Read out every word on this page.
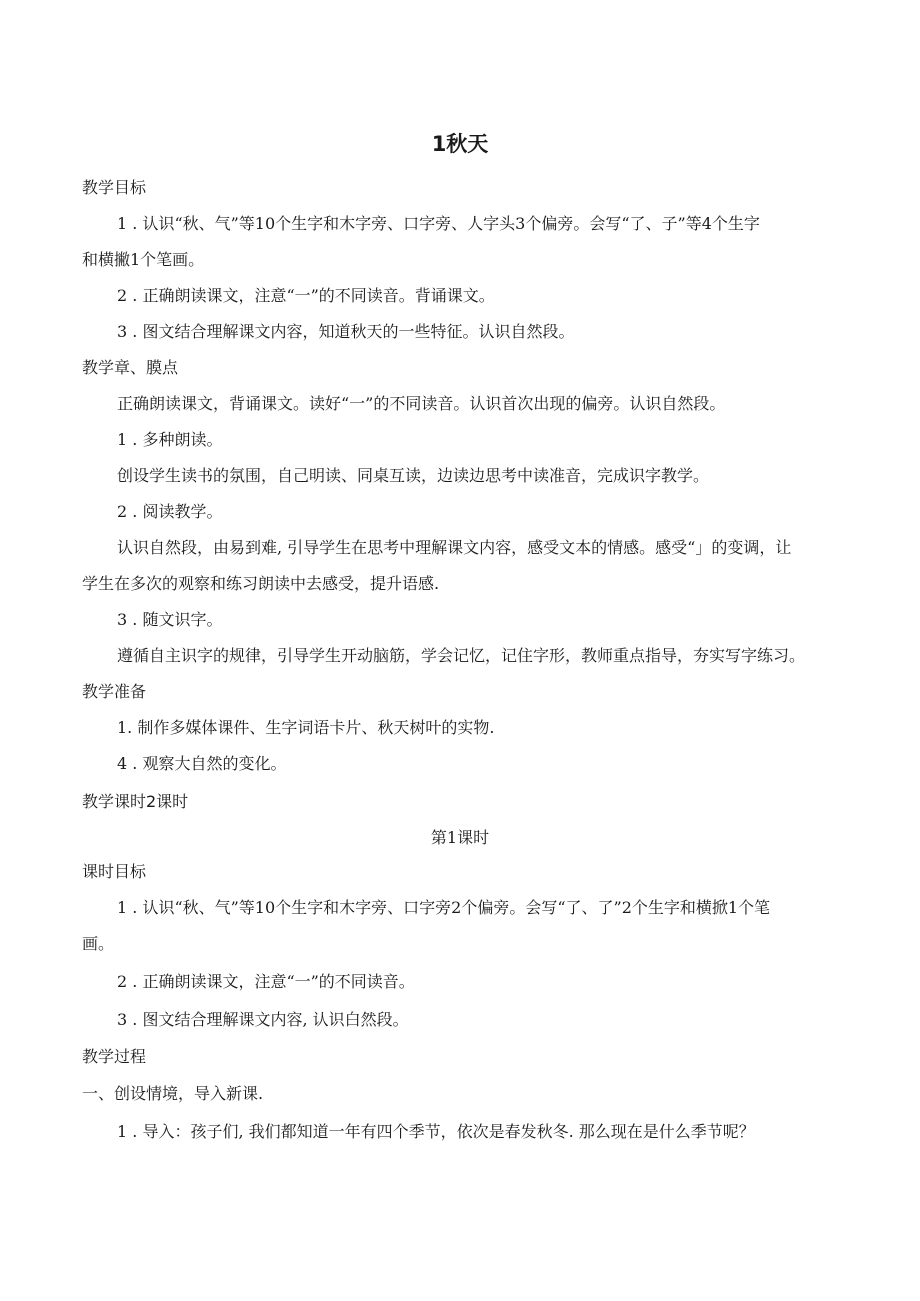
1秋天
教学目标
1 . 认识“秋、气”等10个生字和木字旁、口字旁、人字头3个偏旁。会写“了、子”等4个生字
和横撇1个笔画。
2 . 正确朗读课文，注意“一”的不同读音。背诵课文。
3 . 图文结合理解课文内容，知道秋天的一些特征。认识自然段。
教学章、膜点
正确朗读课文，背诵课文。读好“一”的不同读音。认识首次出现的偏旁。认识自然段。
1 . 多种朗读。
创设学生读书的氛围，自己明读、同桌互读，边读边思考中读准音，完成识字教学。
2 . 阅读教学。
认识自然段，由易到难, 引导学生在思考中理解课文内容，感受文本的情感。感受“」的变调，让
学生在多次的观察和练习朗读中去感受，提升语感.
3 . 随文识字。
遵循自主识字的规律，引导学生开动脑筋，学会记忆，记住字形，教师重点指导，夯实写字练习。
教学准备
1. 制作多媒体课件、生字词语卡片、秋天树叶的实物.
4 . 观察大自然的变化。
教学课时2课时
第1课时
课时目标
1 . 认识“秋、气”等10个生字和木字旁、口字旁2个偏旁。会写“了、了”2个生字和横掀1个笔
画。
2 . 正确朗读课文，注意“一”的不同读音。
3 . 图文结合理解课文内容, 认识白然段。
教学过程
一、创设情境，导入新课.
1 . 导入：孩子们, 我们都知道一年有四个季节，依次是春发秋冬. 那么现在是什么季节呢？
